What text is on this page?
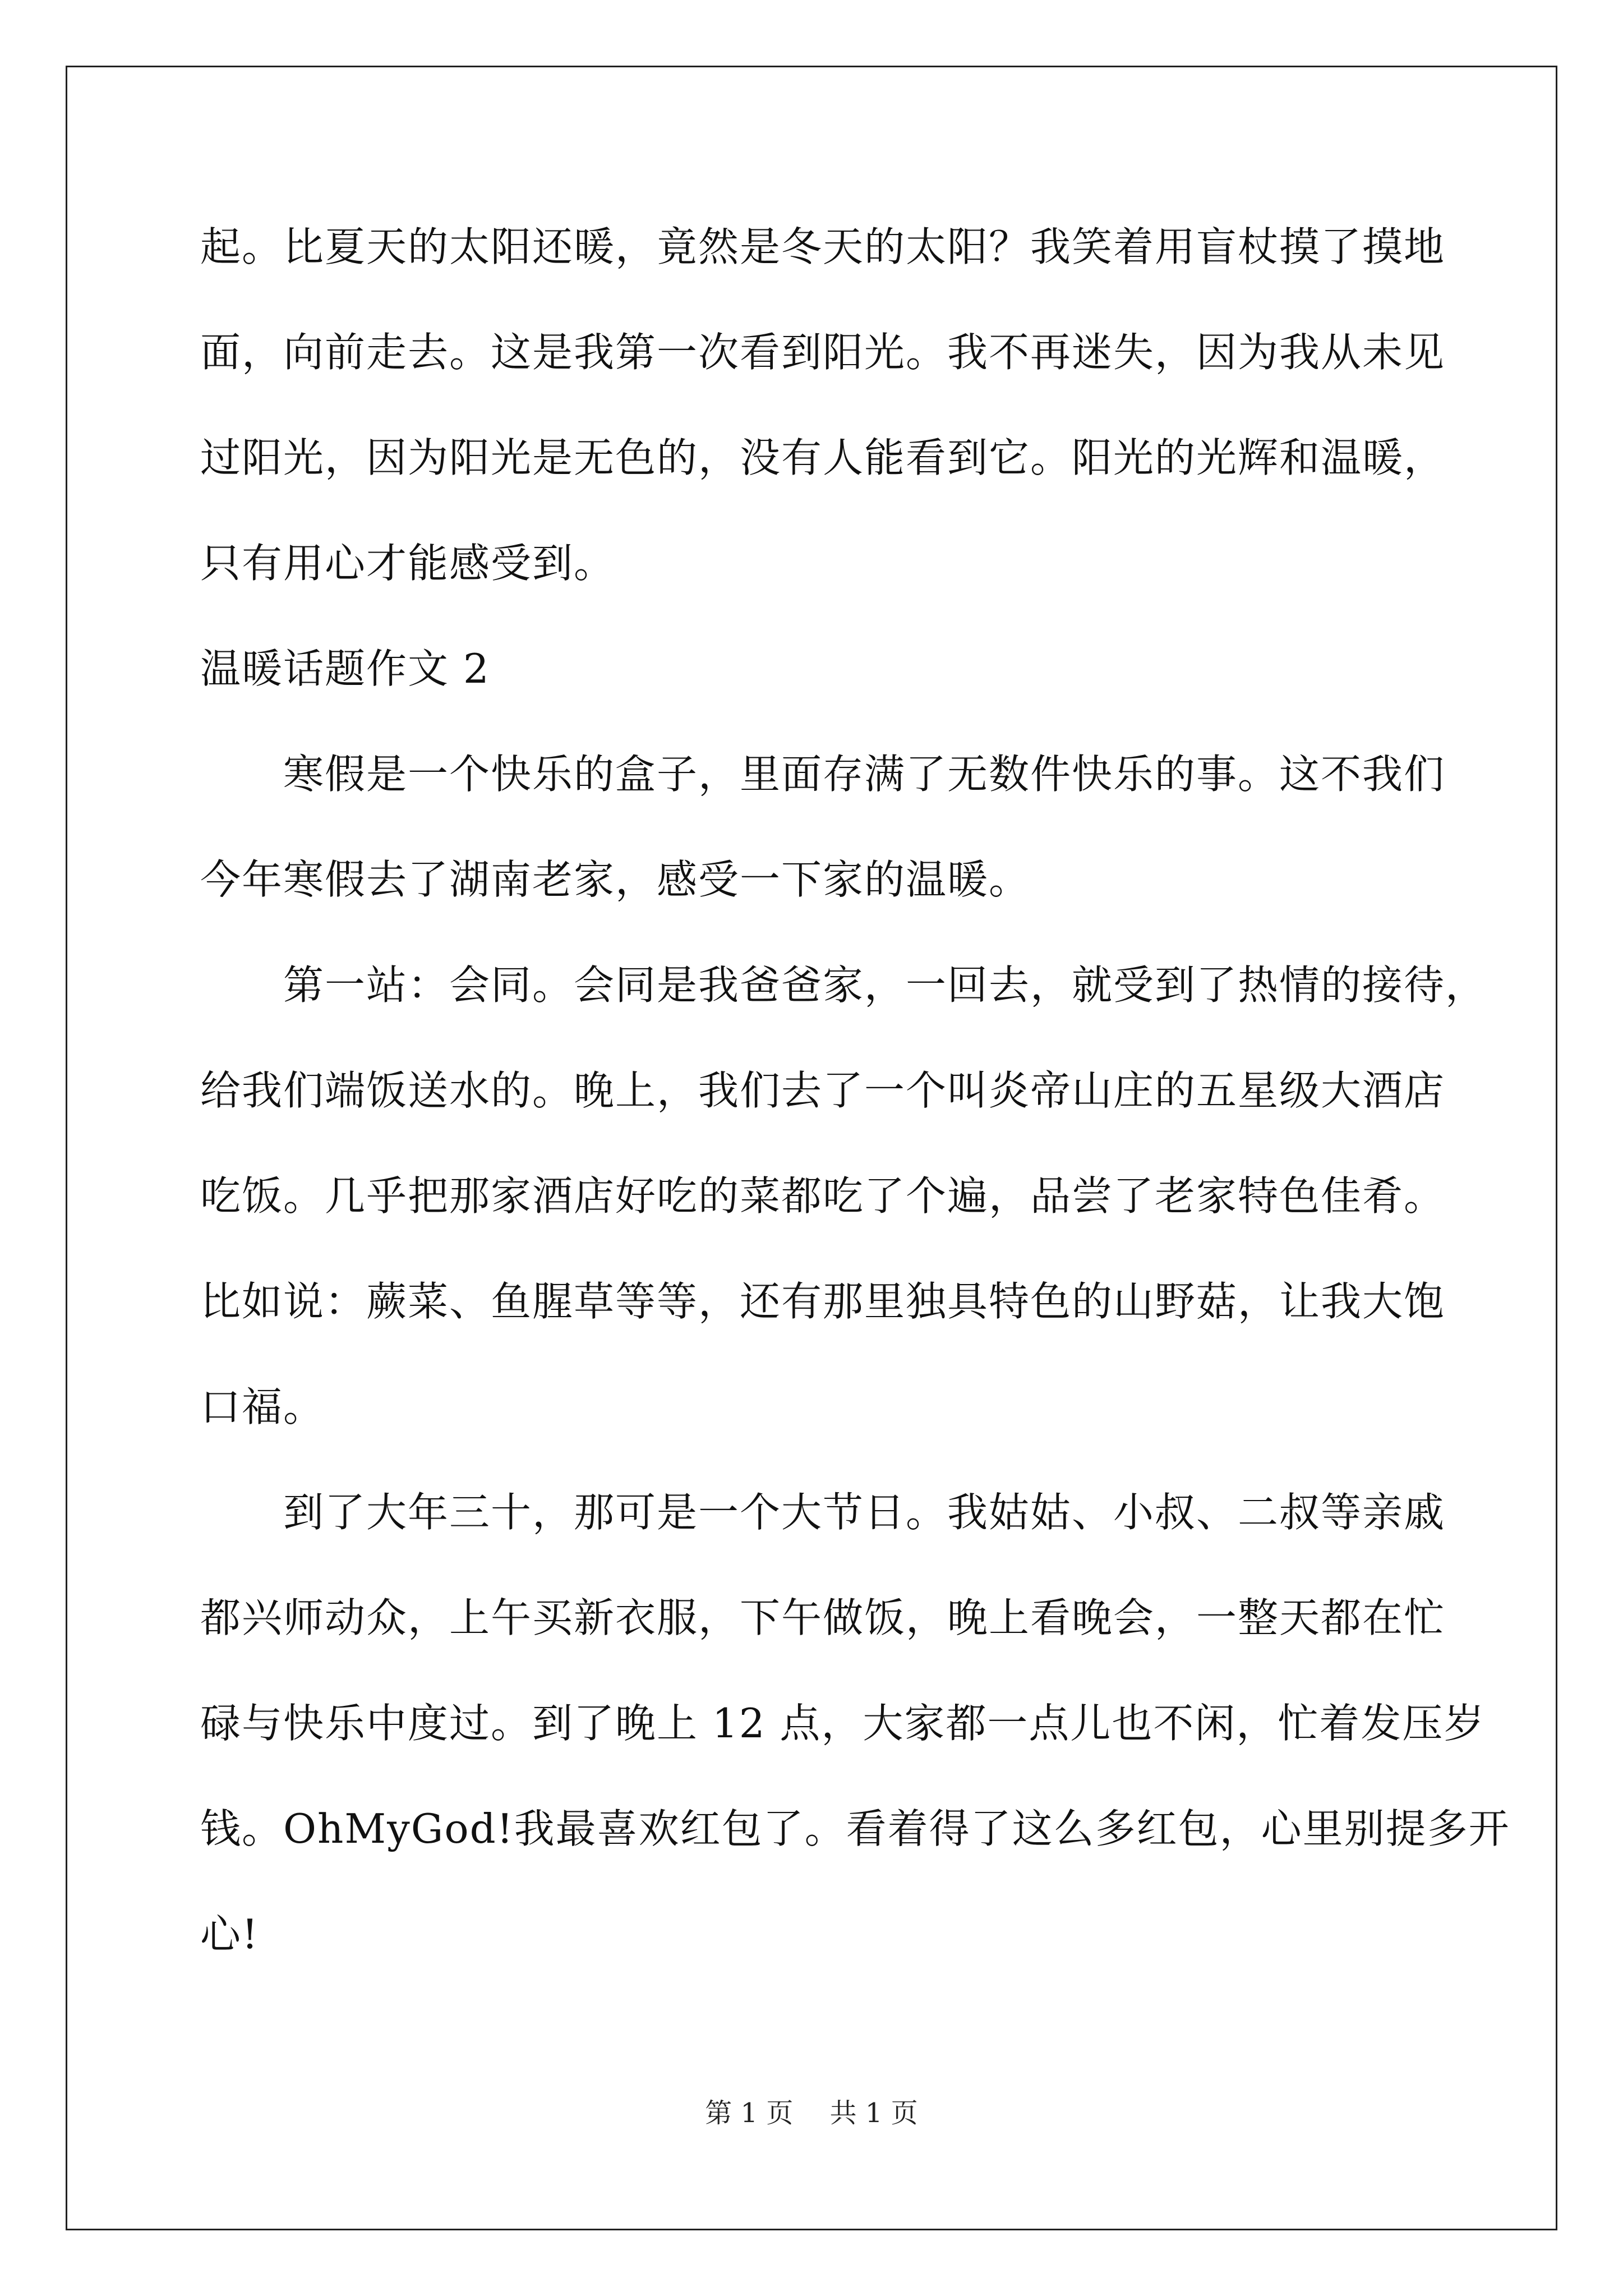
起。比夏天的太阳还暖，竟然是冬天的太阳？我笑着用盲杖摸了摸地
面，向前走去。这是我第一次看到阳光。我不再迷失，因为我从未见
过阳光，因为阳光是无色的，没有人能看到它。阳光的光辉和温暖，
只有用心才能感受到。
温暖话题作文 2
寒假是一个快乐的盒子，里面存满了无数件快乐的事。这不我们
今年寒假去了湖南老家，感受一下家的温暖。
第一站：会同。会同是我爸爸家，一回去，就受到了热情的接待，
给我们端饭送水的。晚上，我们去了一个叫炎帝山庄的五星级大酒店
吃饭。几乎把那家酒店好吃的菜都吃了个遍，品尝了老家特色佳肴。
比如说：蕨菜、鱼腥草等等，还有那里独具特色的山野菇，让我大饱
口福。
到了大年三十，那可是一个大节日。我姑姑、小叔、二叔等亲戚
都兴师动众，上午买新衣服，下午做饭，晚上看晚会，一整天都在忙
碌与快乐中度过。到了晚上 12 点，大家都一点儿也不闲，忙着发压岁
钱。OhMyGod!我最喜欢红包了。看着得了这么多红包，心里别提多开
心!
第 1 页 共 1 页
